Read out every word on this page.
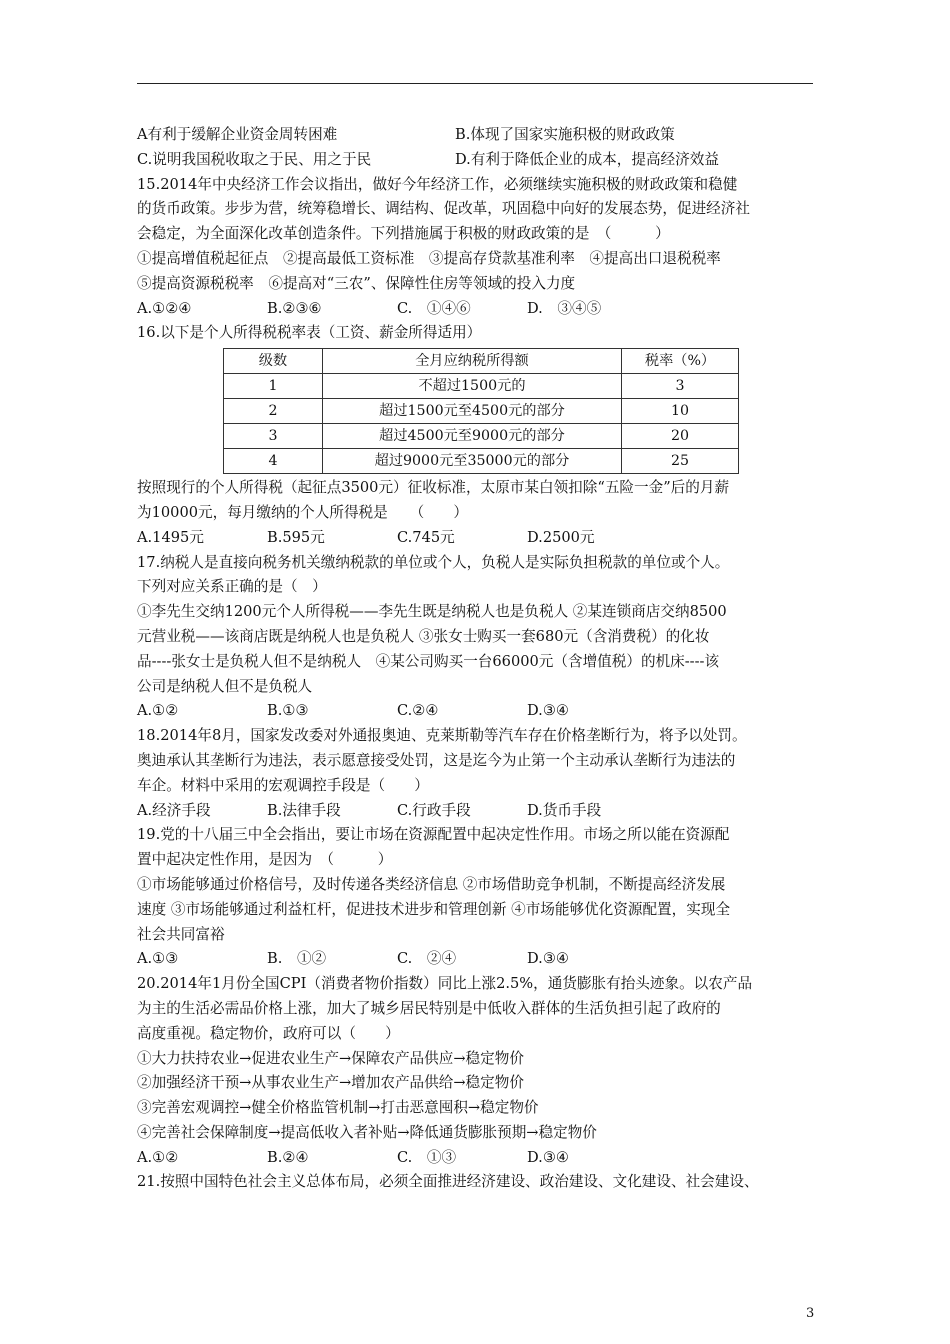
A有利于缓解企业资金周转困难	B.体现了国家实施积极的财政政策
C.说明我国税收取之于民、用之于民	D.有利于降低企业的成本，提高经济效益
15.2014年中央经济工作会议指出，做好今年经济工作，必须继续实施积极的财政政策和稳健
的货币政策。步步为营，统筹稳增长、调结构、促改革，巩固稳中向好的发展态势，促进经济社
会稳定，为全面深化改革创造条件。下列措施属于积极的财政政策的是　（　　　）
①提高增值税起征点　②提高最低工资标准　③提高存贷款基准利率　④提高出口退税税率
⑤提高资源税税率　⑥提高对“三农”、保障性住房等领域的投入力度
A.①②④	B.②③⑥	C.　①④⑥	D.　③④⑤
16.以下是个人所得税税率表（工资、薪金所得适用）
级数	全月应纳税所得额	税率（%）
1	不超过1500元的	3
2	超过1500元至4500元的部分	10
3	超过4500元至9000元的部分	20
4	超过9000元至35000元的部分	25
按照现行的个人所得税（起征点3500元）征收标准，太原市某白领扣除“五险一金”后的月薪
为10000元，每月缴纳的个人所得税是　　（　　）
A.1495元	B.595元	C.745元	D.2500元
17.纳税人是直接向税务机关缴纳税款的单位或个人，负税人是实际负担税款的单位或个人。
下列对应关系正确的是（　）
①李先生交纳1200元个人所得税——李先生既是纳税人也是负税人 ②某连锁商店交纳8500
元营业税——该商店既是纳税人也是负税人 ③张女士购买一套680元（含消费税）的化妆
品----张女士是负税人但不是纳税人　④某公司购买一台66000元（含增值税）的机床----该
公司是纳税人但不是负税人
A.①②	B.①③	C.②④	D.③④
18.2014年8月，国家发改委对外通报奥迪、克莱斯勒等汽车存在价格垄断行为，将予以处罚。
奥迪承认其垄断行为违法，表示愿意接受处罚，这是迄今为止第一个主动承认垄断行为违法的
车企。材料中采用的宏观调控手段是（　　）
A.经济手段	B.法律手段	C.行政手段	D.货币手段
19.党的十八届三中全会指出，要让市场在资源配置中起决定性作用。市场之所以能在资源配
置中起决定性作用，是因为　（　　　）
①市场能够通过价格信号，及时传递各类经济信息 ②市场借助竞争机制，不断提高经济发展
速度 ③市场能够通过利益杠杆，促进技术进步和管理创新 ④市场能够优化资源配置，实现全
社会共同富裕
A.①③	B.　①②	C.　②④	D.③④
20.2014年1月份全国CPI（消费者物价指数）同比上涨2.5%，通货膨胀有抬头迹象。以农产品
为主的生活必需品价格上涨，加大了城乡居民特别是中低收入群体的生活负担引起了政府的
高度重视。稳定物价，政府可以（　　）
①大力扶持农业→促进农业生产→保障农产品供应→稳定物价
②加强经济干预→从事农业生产→增加农产品供给→稳定物价
③完善宏观调控→健全价格监管机制→打击恶意囤积→稳定物价
④完善社会保障制度→提高低收入者补贴→降低通货膨胀预期→稳定物价
A.①②	B.②④	C.　①③	D.③④
21.按照中国特色社会主义总体布局，必须全面推进经济建设、政治建设、文化建设、社会建设、
3
